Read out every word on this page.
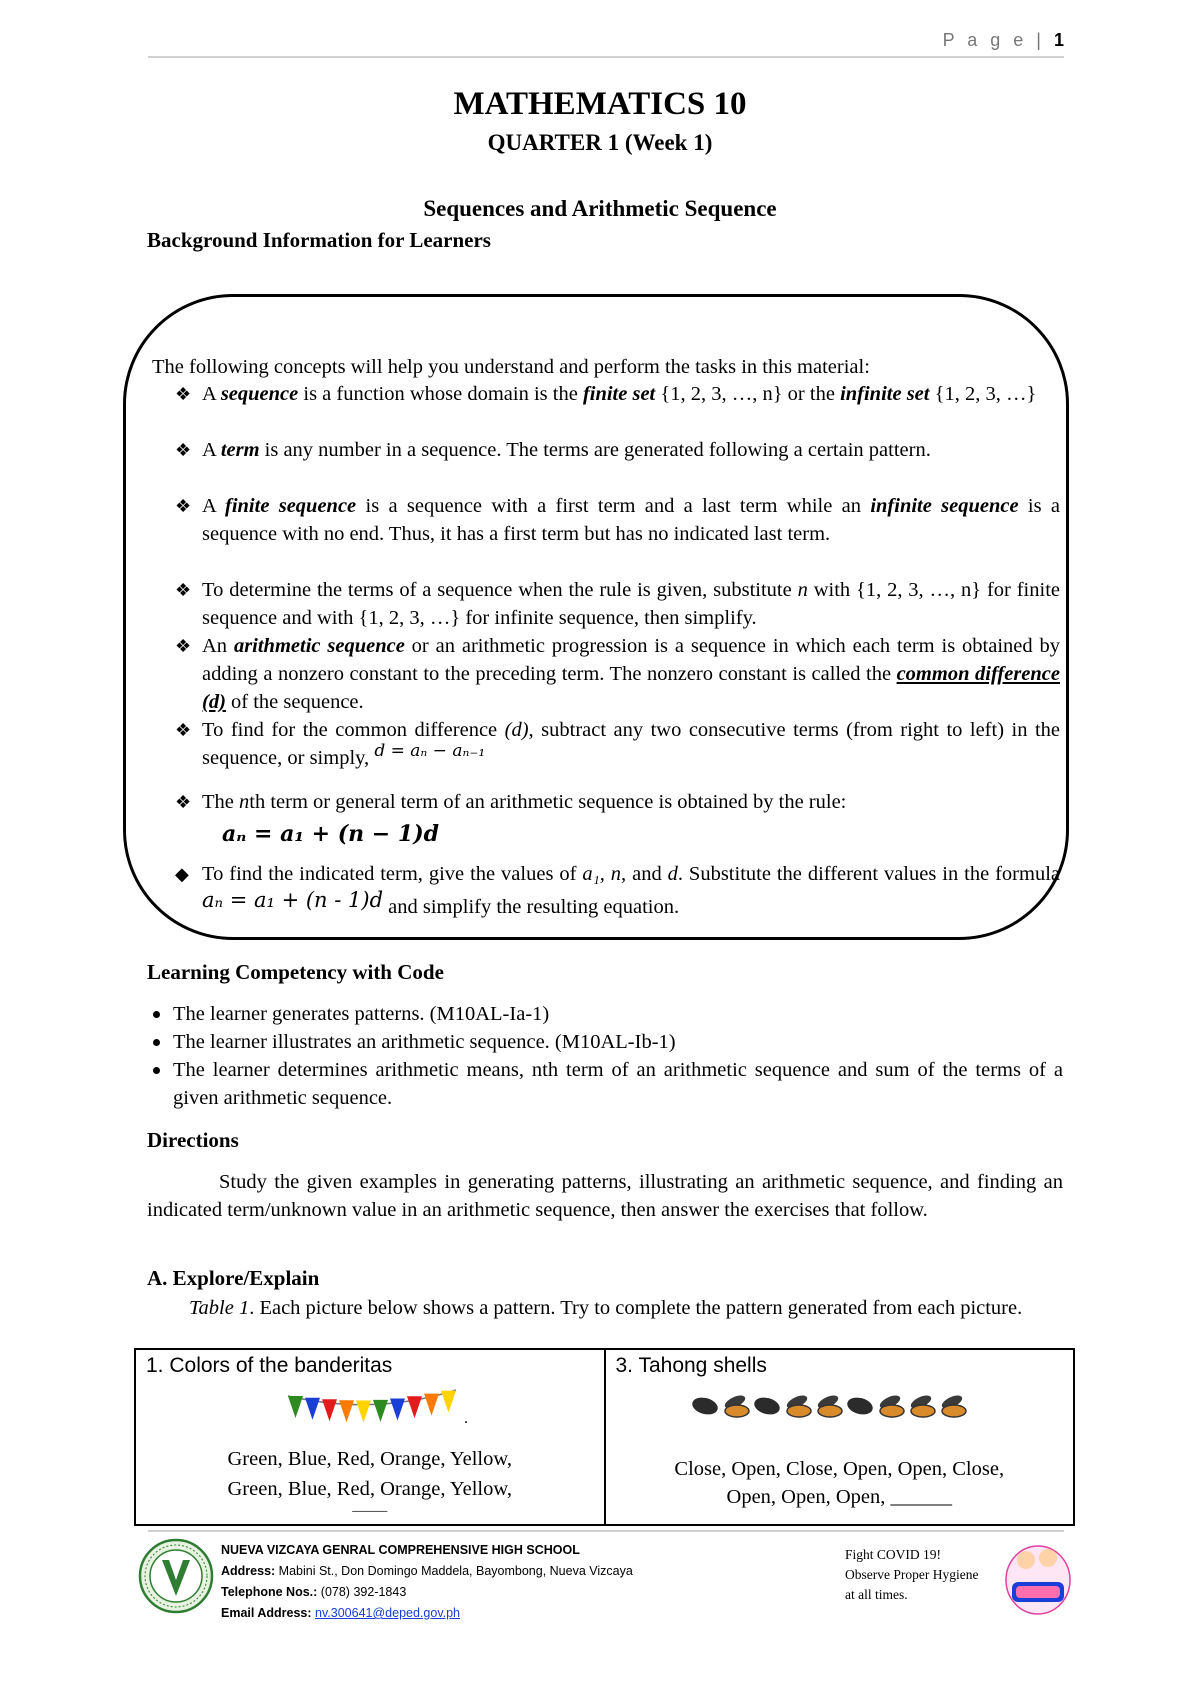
P a g e | 1
MATHEMATICS 10
QUARTER 1 (Week 1)
Sequences and Arithmetic Sequence
Background Information for Learners
The following concepts will help you understand and perform the tasks in this material:
❖ A sequence is a function whose domain is the finite set {1, 2, 3, …, n} or the infinite set {1, 2, 3, …}
❖ A term is any number in a sequence. The terms are generated following a certain pattern.
❖ A finite sequence is a sequence with a first term and a last term while an infinite sequence is a sequence with no end. Thus, it has a first term but has no indicated last term.
❖ To determine the terms of a sequence when the rule is given, substitute n with {1, 2, 3, …, n} for finite sequence and with {1, 2, 3, …} for infinite sequence, then simplify.
❖ An arithmetic sequence or an arithmetic progression is a sequence in which each term is obtained by adding a nonzero constant to the preceding term. The nonzero constant is called the common difference (d) of the sequence.
❖ To find for the common difference (d), subtract any two consecutive terms (from right to left) in the sequence, or simply, $^{d = a_n - a_{n-1}}$
❖ The nth term or general term of an arithmetic sequence is obtained by the rule:
aₙ = a₁ + (n − 1)d
◆ To find the indicated term, give the values of a₁, n, and d. Substitute the different values in the formula aₙ = a₁ + (n - 1)d and simplify the resulting equation.
Learning Competency with Code
The learner generates patterns. (M10AL-Ia-1)
The learner illustrates an arithmetic sequence. (M10AL-Ib-1)
The learner determines arithmetic means, nth term of an arithmetic sequence and sum of the terms of a given arithmetic sequence.
Directions
Study the given examples in generating patterns, illustrating an arithmetic sequence, and finding an indicated term/unknown value in an arithmetic sequence, then answer the exercises that follow.
A. Explore/Explain
Table 1. Each picture below shows a pattern. Try to complete the pattern generated from each picture.
1. Colors of the banderitas
.
Green, Blue, Red, Orange, Yellow,
Green, Blue, Red, Orange, Yellow,
_____

3. Tahong shells
Close, Open, Close, Open, Open, Close,
Open, Open, Open, ______
NUEVA VIZCAYA GENRAL COMPREHENSIVE HIGH SCHOOL
Address: Mabini St., Don Domingo Maddela, Bayombong, Nueva Vizcaya
Telephone Nos.: (078) 392-1843
Email Address: nv.300641@deped.gov.ph
Fight COVID 19!
Observe Proper Hygiene
at all times.
